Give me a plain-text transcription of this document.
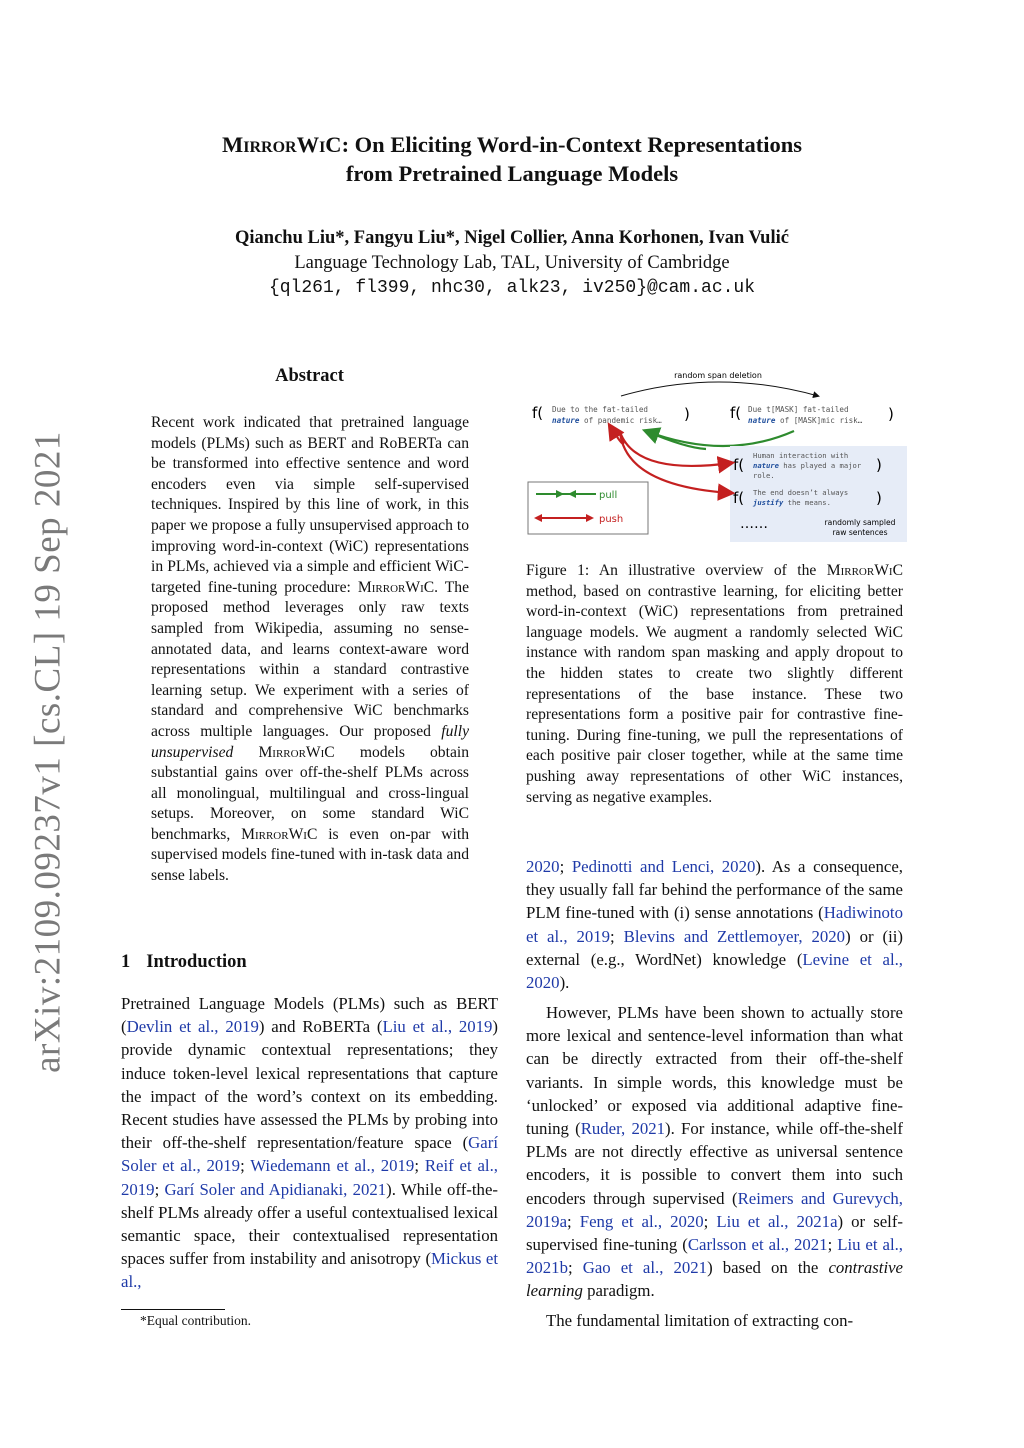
arXiv:2109.09237v1 [cs.CL] 19 Sep 2021
MirrorWiC: On Eliciting Word-in-Context Representations
from Pretrained Language Models
Qianchu Liu*, Fangyu Liu*, Nigel Collier, Anna Korhonen, Ivan Vulić
Language Technology Lab, TAL, University of Cambridge
{ql261, fl399, nhc30, alk23, iv250}@cam.ac.uk
Abstract
Recent work indicated that pretrained language models (PLMs) such as BERT and RoBERTa can be transformed into effective sentence and word encoders even via simple self-supervised techniques. Inspired by this line of work, in this paper we propose a fully unsupervised approach to improving word-in-context (WiC) representations in PLMs, achieved via a simple and efficient WiC-targeted fine-tuning procedure: MirrorWiC. The proposed method leverages only raw texts sampled from Wikipedia, assuming no sense-annotated data, and learns context-aware word representations within a standard contrastive learning setup. We experiment with a series of standard and comprehensive WiC benchmarks across multiple languages. Our proposed fully unsupervised MirrorWiC models obtain substantial gains over off-the-shelf PLMs across all monolingual, multilingual and cross-lingual setups. Moreover, on some standard WiC benchmarks, MirrorWiC is even on-par with supervised models fine-tuned with in-task data and sense labels.
1 Introduction
Pretrained Language Models (PLMs) such as BERT (Devlin et al., 2019) and RoBERTa (Liu et al., 2019) provide dynamic contextual representations; they induce token-level lexical representations that capture the impact of the word’s context on its embedding. Recent studies have assessed the PLMs by probing into their off-the-shelf representation/feature space (Garí Soler et al., 2019; Wiedemann et al., 2019; Reif et al., 2019; Garí Soler and Apidianaki, 2021). While off-the-shelf PLMs already offer a useful contextualised lexical semantic space, their contextualised representation spaces suffer from instability and anisotropy (Mickus et al.,
*Equal contribution.
random span deletion
f( Due to the fat-tailed
nature of pandemic risk… )	f( Due t[MASK] fat-tailed
nature of [MASK]mic risk… )
f(
Human interaction with
nature has played a major
role.
)
f( The end doesn’t always
justify the means.	)
……	randomly sampled
raw sentences
pull
push
Figure 1: An illustrative overview of the MirrorWiC method, based on contrastive learning, for eliciting better word-in-context (WiC) representations from pretrained language models. We augment a randomly selected WiC instance with random span masking and apply dropout to the hidden states to create two slightly different representations of the base instance. These two representations form a positive pair for contrastive fine-tuning. During fine-tuning, we pull the representations of each positive pair closer together, while at the same time pushing away representations of other WiC instances, serving as negative examples.
2020; Pedinotti and Lenci, 2020). As a consequence, they usually fall far behind the performance of the same PLM fine-tuned with (i) sense annotations (Hadiwinoto et al., 2019; Blevins and Zettlemoyer, 2020) or (ii) external (e.g., WordNet) knowledge (Levine et al., 2020).
However, PLMs have been shown to actually store more lexical and sentence-level information than what can be directly extracted from their off-the-shelf variants. In simple words, this knowledge must be ‘unlocked’ or exposed via additional adaptive fine-tuning (Ruder, 2021). For instance, while off-the-shelf PLMs are not directly effective as universal sentence encoders, it is possible to convert them into such encoders through supervised (Reimers and Gurevych, 2019a; Feng et al., 2020; Liu et al., 2021a) or self-supervised fine-tuning (Carlsson et al., 2021; Liu et al., 2021b; Gao et al., 2021) based on the contrastive learning paradigm.
The fundamental limitation of extracting con-
